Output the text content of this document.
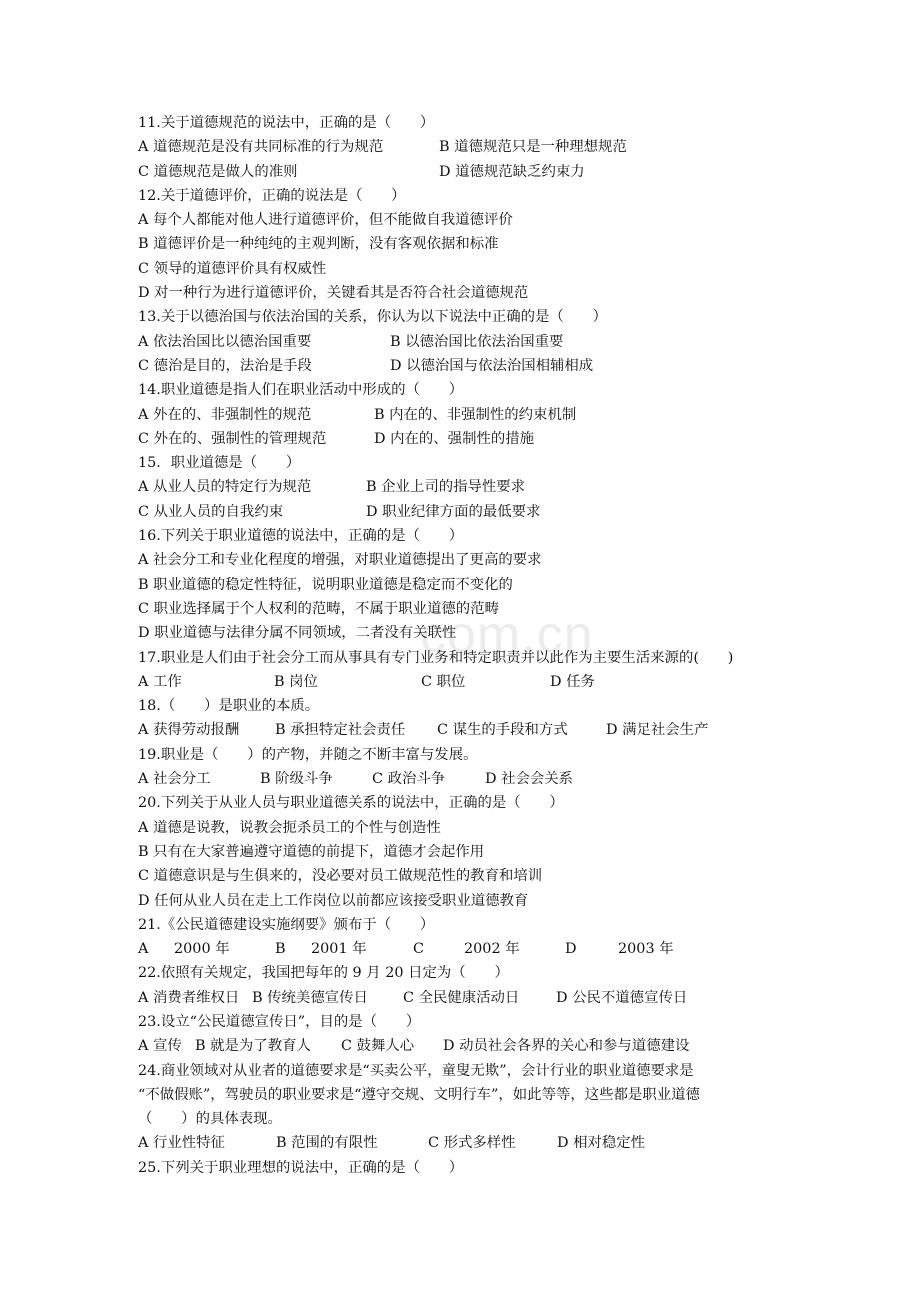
com.cn
11.关于道德规范的说法中，正确的是（　　）
A 道德规范是没有共同标准的行为规范	B 道德规范只是一种理想规范
C 道德规范是做人的准则	D 道德规范缺乏约束力
12.关于道德评价，正确的说法是（　　）
A 每个人都能对他人进行道德评价，但不能做自我道德评价
B 道德评价是一种纯纯的主观判断，没有客观依据和标准
C 领导的道德评价具有权威性
D 对一种行为进行道德评价，关键看其是否符合社会道德规范
13.关于以德治国与依法治国的关系，你认为以下说法中正确的是（　　）
A 依法治国比以德治国重要	B 以德治国比依法治国重要
C 德治是目的，法治是手段	D 以德治国与依法治国相辅相成
14.职业道德是指人们在职业活动中形成的（　　）
A 外在的、非强制性的规范	B 内在的、非强制性的约束机制
C 外在的、强制性的管理规范	D 内在的、强制性的措施
15．职业道德是（　　）
A 从业人员的特定行为规范	B 企业上司的指导性要求
C 从业人员的自我约束	D 职业纪律方面的最低要求
16.下列关于职业道德的说法中，正确的是（　　）
A 社会分工和专业化程度的增强，对职业道德提出了更高的要求
B 职业道德的稳定性特征，说明职业道德是稳定而不变化的
C 职业选择属于个人权利的范畴，不属于职业道德的范畴
D 职业道德与法律分属不同领域，二者没有关联性
17.职业是人们由于社会分工而从事具有专门业务和特定职责并以此作为主要生活来源的(　　)
A 工作	B 岗位	C 职位	D 任务
18.（　　）是职业的本质。
A 获得劳动报酬 B 承担特定社会责任 C 谋生的手段和方式	D 满足社会生产
19.职业是（　　）的产物，并随之不断丰富与发展。
A 社会分工	B 阶级斗争	C 政治斗争	D 社会会关系
20.下列关于从业人员与职业道德关系的说法中，正确的是（　　）
A 道德是说教，说教会扼杀员工的个性与创造性
B 只有在大家普遍遵守道德的前提下，道德才会起作用
C 道德意识是与生俱来的，没必要对员工做规范性的教育和培训
D 任何从业人员在走上工作岗位以前都应该接受职业道德教育
21.《公民道德建设实施纲要》颁布于（　　）
A 2000 年	B 2001 年	C	2002 年	D	2003 年
22.依照有关规定，我国把每年的 9 月 20 日定为（　　）
A 消费者维权日 B 传统美德宣传日 C 全民健康活动日	D 公民不道德宣传日
23.设立“公民道德宣传日”，目的是（　　）
A 宣传 B 就是为了教育人 C 鼓舞人心 D 动员社会各界的关心和参与道德建设
24.商业领域对从业者的道德要求是“买卖公平，童叟无欺”，会计行业的职业道德要求是
“不做假账”，驾驶员的职业要求是“遵守交规、文明行车”，如此等等，这些都是职业道德
（　　）的具体表现。
A 行业性特征	B 范围的有限性	C 形式多样性	D 相对稳定性
25.下列关于职业理想的说法中，正确的是（　　）
